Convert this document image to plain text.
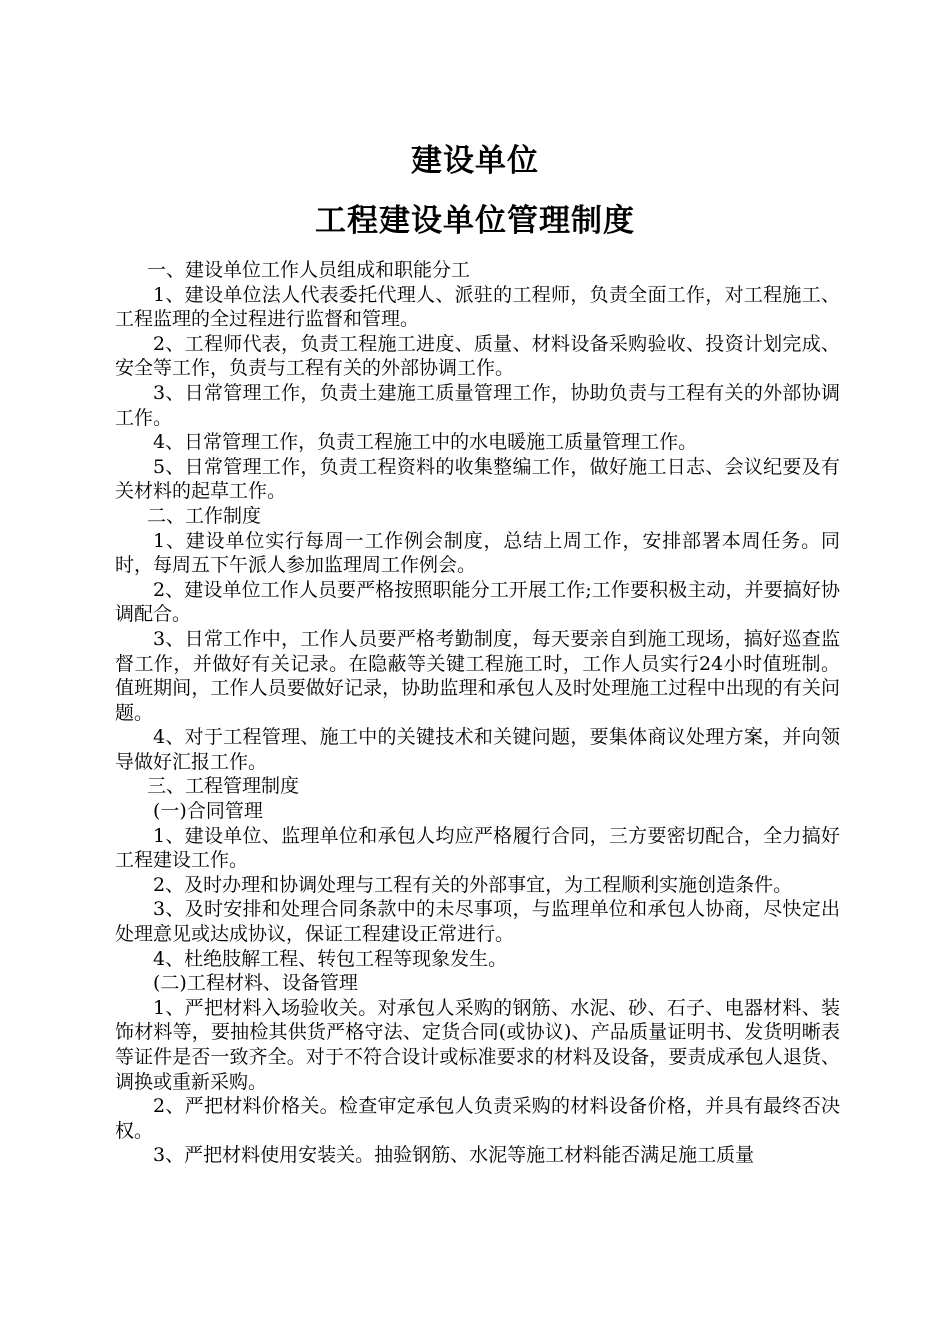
建设单位
工程建设单位管理制度

一、建设单位工作人员组成和职能分工

1、建设单位法人代表委托代理人、派驻的工程师，负责全面工作，对工程施工、工程监理的全过程进行监督和管理。

2、工程师代表，负责工程施工进度、质量、材料设备采购验收、投资计划完成、安全等工作，负责与工程有关的外部协调工作。

3、日常管理工作，负责土建施工质量管理工作，协助负责与工程有关的外部协调工作。

4、日常管理工作，负责工程施工中的水电暖施工质量管理工作。

5、日常管理工作，负责工程资料的收集整编工作，做好施工日志、会议纪要及有关材料的起草工作。

二、工作制度

1、建设单位实行每周一工作例会制度，总结上周工作，安排部署本周任务。同时，每周五下午派人参加监理周工作例会。

2、建设单位工作人员要严格按照职能分工开展工作;工作要积极主动，并要搞好协调配合。

3、日常工作中，工作人员要严格考勤制度，每天要亲自到施工现场，搞好巡查监督工作，并做好有关记录。在隐蔽等关键工程施工时，工作人员实行24小时值班制。值班期间，工作人员要做好记录，协助监理和承包人及时处理施工过程中出现的有关问题。

4、对于工程管理、施工中的关键技术和关键问题，要集体商议处理方案，并向领导做好汇报工作。

三、工程管理制度

(一)合同管理

1、建设单位、监理单位和承包人均应严格履行合同，三方要密切配合，全力搞好工程建设工作。

2、及时办理和协调处理与工程有关的外部事宜，为工程顺利实施创造条件。

3、及时安排和处理合同条款中的未尽事项，与监理单位和承包人协商，尽快定出处理意见或达成协议，保证工程建设正常进行。

4、杜绝肢解工程、转包工程等现象发生。

(二)工程材料、设备管理

1、严把材料入场验收关。对承包人采购的钢筋、水泥、砂、石子、电器材料、装饰材料等，要抽检其供货严格守法、定货合同(或协议)、产品质量证明书、发货明晰表等证件是否一致齐全。对于不符合设计或标准要求的材料及设备，要责成承包人退货、调换或重新采购。

2、严把材料价格关。检查审定承包人负责采购的材料设备价格，并具有最终否决权。

3、严把材料使用安装关。抽验钢筋、水泥等施工材料能否满足施工质量
